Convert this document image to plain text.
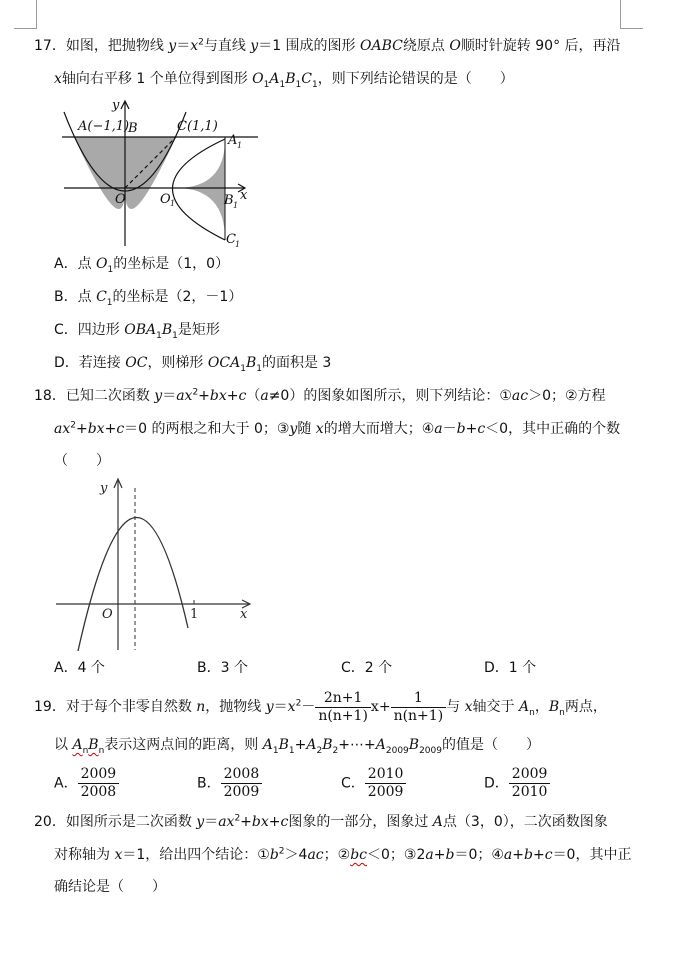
17．如图，把抛物线 $y=x^2$与直线 y＝1 围成的图形 OABC绕原点 O顺时针旋转 90° 后，再沿
x轴向右平移 1 个单位得到图形 $O_1A_1B_1C_1$，则下列结论错误的是（　　）
y
A(−1,1)
B	C(1,1)
A 1
O	O 1	B 1
x
C 1
A．点 $O_1$的坐标是（1，0）
B．点 $C_1$的坐标是（2，－1）
C．四边形 $OBA_1B_1$是矩形
D．若连接 OC，则梯形 $OCA_1B_1$的面积是 3
18．已知二次函数 $y=ax^2+bx+c(a\ne 0)$的图象如图所示，则下列结论：①ac＞0；②方程
$ax^2+bx+c=0$ 的两根之和大于 0；③y随 x的增大而增大；④a－b+c＜0，其中正确的个数
（　　）
y
x
O	1
A．4 个	B．3 个	C．2 个	D．1 个
19．对于每个非零自然数 n，抛物线 $y=x^2- \frac{2n+1}{n(n+1)} x+ \frac{1}{n(n+1)}$ 与 x轴交于 $A_n$，$B_n$两点，
以 $A_nB_n$表示这两点间的距离，则 $A_1B_1+A_2B_2+\cdots+A_{2009}B_{2009}$的值是（　　）
A． $\frac{2009}{2008}$	B． $\frac{2008}{2009}$	C． $\frac{2010}{2009}$	D． $\frac{2009}{2010}$
20．如图所示是二次函数 $y=ax^2+bx+c$图象的一部分，图象过 A点（3，0），二次函数图象
对称轴为 x＝1，给出四个结论：$①b^2>4ac$；②bc＜0；③2a+b＝0；④a+b+c＝0，其中正
确结论是（　　）
